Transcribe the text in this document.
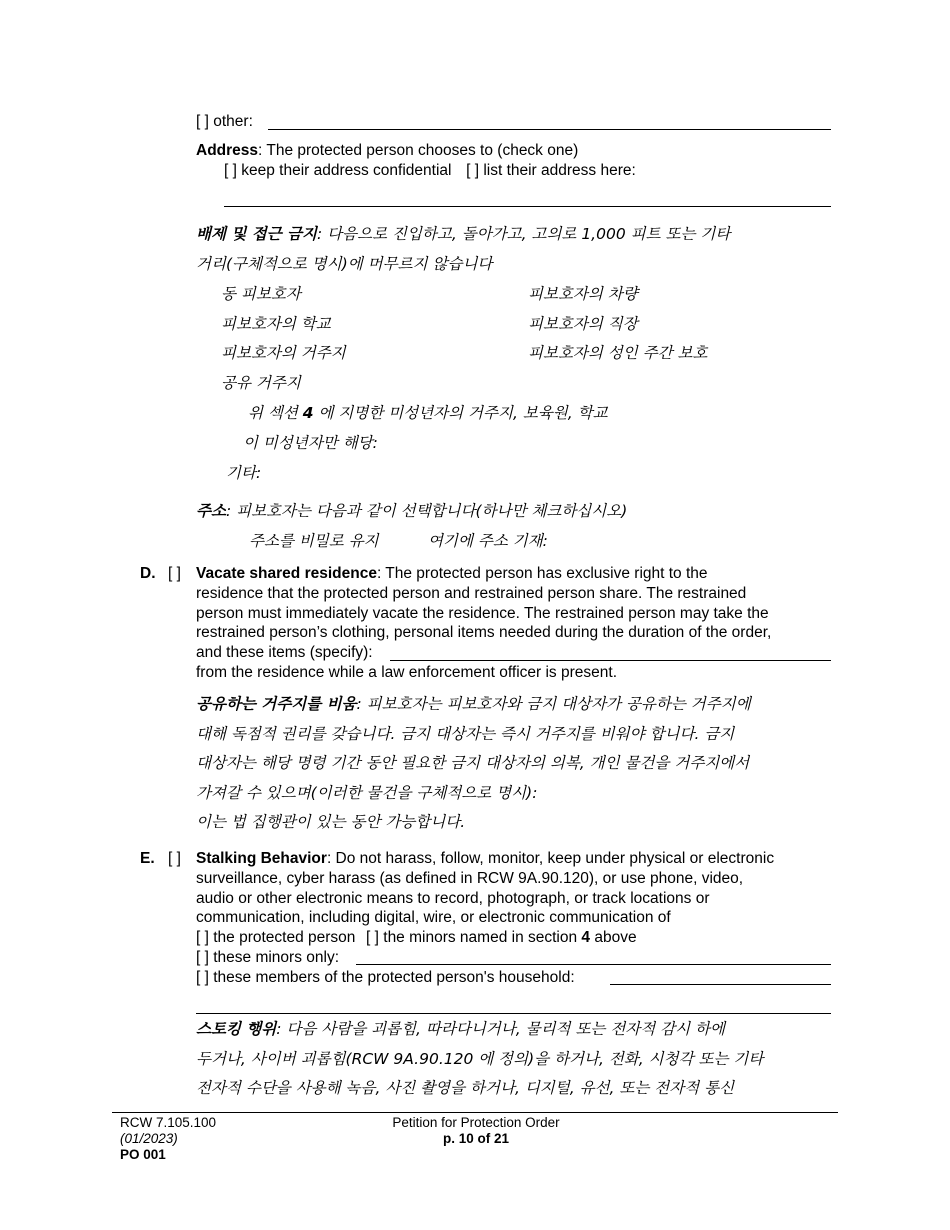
[ ] other:
Address: The protected person chooses to (check one)
[ ] keep their address confidential [ ] list their address here:
배제 및 접근 금지: 다음으로 진입하고, 돌아가고, 고의로 1,000 피트 또는 기타
거리(구체적으로 명시)에 머무르지 않습니다
동 피보호자
피보호자의 학교
피보호자의 거주지
공유 거주지
피보호자의 차량
피보호자의 직장
피보호자의 성인 주간 보호
위 섹션 4 에 지명한 미성년자의 거주지, 보육원, 학교
이 미성년자만 해당:
기타:
주소: 피보호자는 다음과 같이 선택합니다(하나만 체크하십시오)
주소를 비밀로 유지	여기에 주소 기재:
D. [ ] Vacate shared residence: The protected person has exclusive right to the
residence that the protected person and restrained person share. The restrained
person must immediately vacate the residence. The restrained person may take the
restrained person’s clothing, personal items needed during the duration of the order,
and these items (specify):
from the residence while a law enforcement officer is present.
공유하는 거주지를 비움: 피보호자는 피보호자와 금지 대상자가 공유하는 거주지에
대해 독점적 권리를 갖습니다. 금지 대상자는 즉시 거주지를 비워야 합니다. 금지
대상자는 해당 명령 기간 동안 필요한 금지 대상자의 의복, 개인 물건을 거주지에서
가져갈 수 있으며(이러한 물건을 구체적으로 명시):
이는 법 집행관이 있는 동안 가능합니다.
E. [ ] Stalking Behavior: Do not harass, follow, monitor, keep under physical or electronic
surveillance, cyber harass (as defined in RCW 9A.90.120), or use phone, video,
audio or other electronic means to record, photograph, or track locations or
communication, including digital, wire, or electronic communication of
[ ] the protected person [ ] the minors named in section 4 above
[ ] these minors only:
[ ] these members of the protected person's household:
스토킹 행위: 다음 사람을 괴롭힘, 따라다니거나, 물리적 또는 전자적 감시 하에
두거나, 사이버 괴롭힘(RCW 9A.90.120 에 정의)을 하거나, 전화, 시청각 또는 기타
전자적 수단을 사용해 녹음, 사진 촬영을 하거나, 디지털, 유선, 또는 전자적 통신
RCW 7.105.100
(01/2023)
PO 001
Petition for Protection Order
p. 10 of 21
